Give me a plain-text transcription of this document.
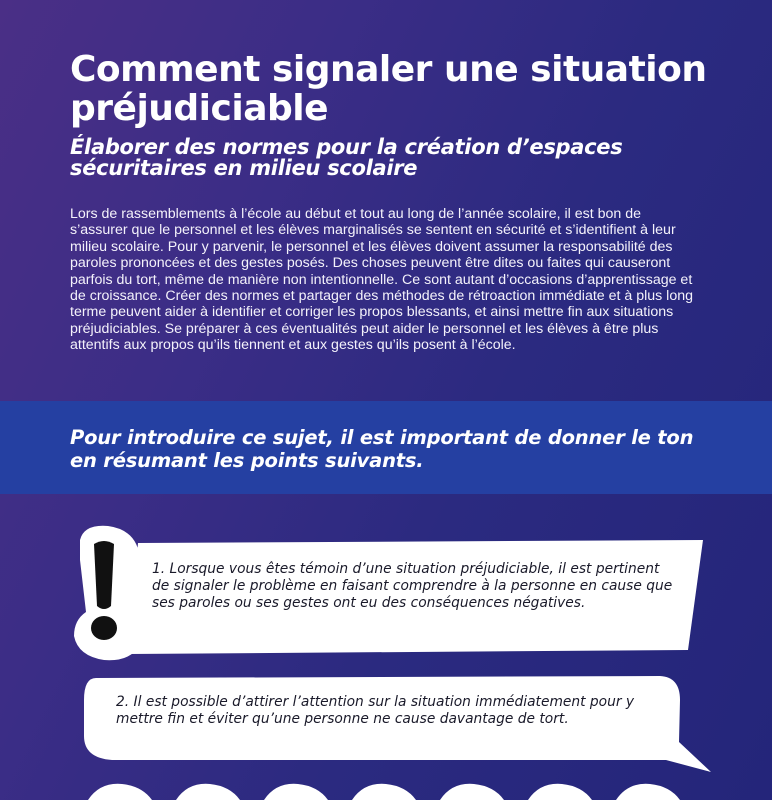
Comment signaler une situation préjudiciable
Élaborer des normes pour la création d’espaces sécuritaires en milieu scolaire

Lors de rassemblements à l’école au début et tout au long de l’année scolaire, il est bon de s’assurer que le personnel et les élèves marginalisés se sentent en sécurité et s’identifient à leur milieu scolaire. Pour y parvenir, le personnel et les élèves doivent assumer la responsabilité des paroles prononcées et des gestes posés. Des choses peuvent être dites ou faites qui causeront parfois du tort, même de manière non intentionnelle. Ce sont autant d’occasions d’apprentissage et de croissance. Créer des normes et partager des méthodes de rétroaction immédiate et à plus long terme peuvent aider à identifier et corriger les propos blessants, et ainsi mettre fin aux situations préjudiciables. Se préparer à ces éventualités peut aider le personnel et les élèves à être plus attentifs aux propos qu’ils tiennent et aux gestes qu’ils posent à l’école.

Pour introduire ce sujet, il est important de donner le ton en résumant les points suivants.

1. Lorsque vous êtes témoin d’une situation préjudiciable, il est pertinent de signaler le problème en faisant comprendre à la personne en cause que ses paroles ou ses gestes ont eu des conséquences négatives.

2. Il est possible d’attirer l’attention sur la situation immédiatement pour y mettre fin et éviter qu’une personne ne cause davantage de tort.
